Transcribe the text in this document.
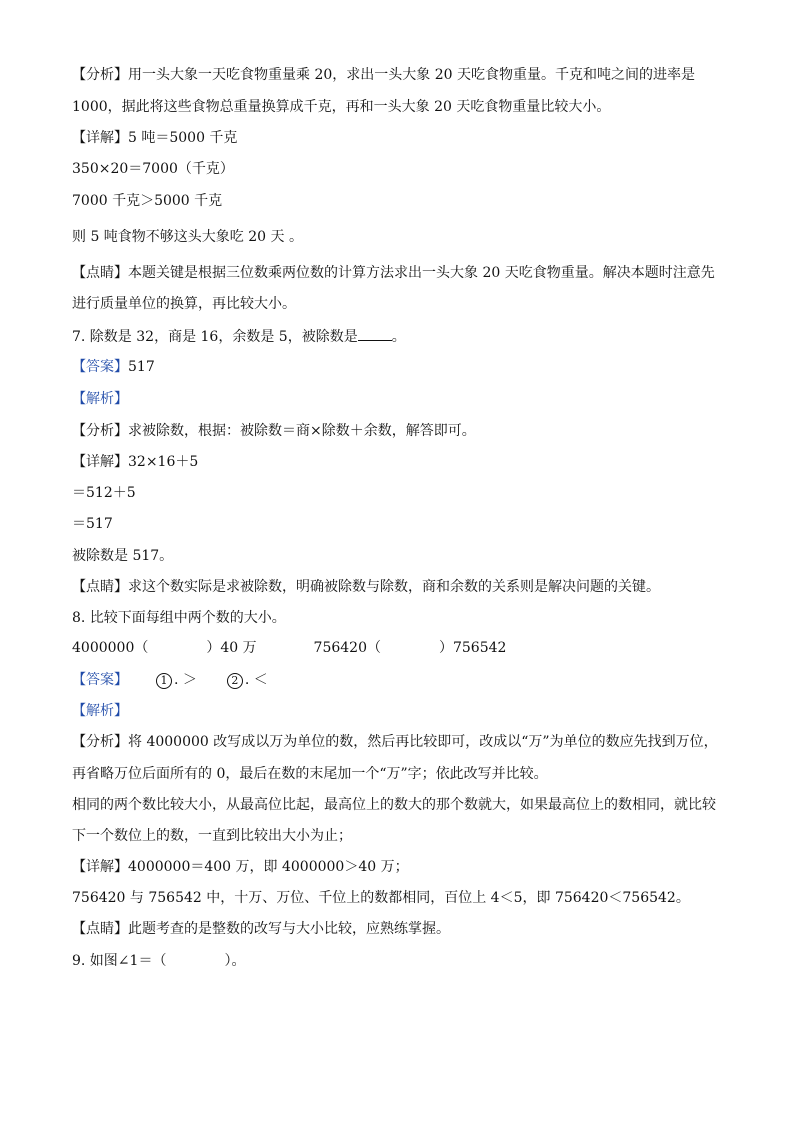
【分析】用一头大象一天吃食物重量乘 20，求出一头大象 20 天吃食物重量。千克和吨之间的进率是
1000，据此将这些食物总重量换算成千克，再和一头大象 20 天吃食物重量比较大小。
【详解】5 吨＝5000 千克
350×20＝7000（千克）
7000 千克＞5000 千克
则 5 吨食物不够这头大象吃 20 天 。
【点睛】本题关键是根据三位数乘两位数的计算方法求出一头大象 20 天吃食物重量。解决本题时注意先
进行质量单位的换算，再比较大小。
7. 除数是 32，商是 16，余数是 5，被除数是 。
【答案】517
【解析】
【分析】求被除数，根据：被除数＝商×除数＋余数，解答即可。
【详解】32×16＋5
＝512＋5
＝517
被除数是 517。
【点睛】求这个数实际是求被除数，明确被除数与除数，商和余数的关系则是解决问题的关键。
8. 比较下面每组中两个数的大小。
4000000（	）40 万	756420（	）756542
【答案】	1 . ＞	2 . ＜
【解析】
【分析】将 4000000 改写成以万为单位的数，然后再比较即可，改成以“万”为单位的数应先找到万位，
再省略万位后面所有的 0，最后在数的末尾加一个“万”字；依此改写并比较。
相同的两个数比较大小，从最高位比起，最高位上的数大的那个数就大，如果最高位上的数相同，就比较
下一个数位上的数，一直到比较出大小为止；
【详解】4000000＝400 万，即 4000000＞40 万；
756420 与 756542 中，十万、万位、千位上的数都相同，百位上 4＜5，即 756420＜756542。
【点睛】此题考查的是整数的改写与大小比较，应熟练掌握。
9. 如图∠1＝（	）。
